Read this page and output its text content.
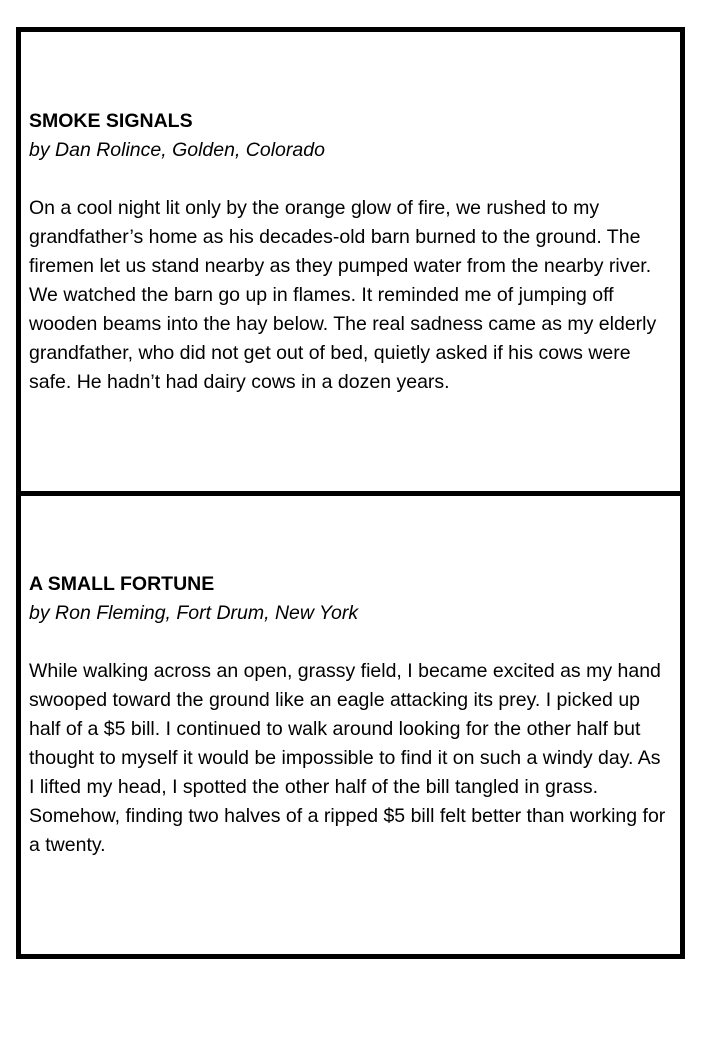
SMOKE SIGNALS
by Dan Rolince, Golden, Colorado

On a cool night lit only by the orange glow of fire, we rushed to my grandfather’s home as his decades-old barn burned to the ground. The firemen let us stand nearby as they pumped water from the nearby river. We watched the barn go up in flames. It reminded me of jumping off wooden beams into the hay below. The real sadness came as my elderly grandfather, who did not get out of bed, quietly asked if his cows were safe. He hadn’t had dairy cows in a dozen years.

A SMALL FORTUNE
by Ron Fleming, Fort Drum, New York

While walking across an open, grassy field, I became excited as my hand swooped toward the ground like an eagle attacking its prey. I picked up half of a $5 bill. I continued to walk around looking for the other half but thought to myself it would be impossible to find it on such a windy day. As I lifted my head, I spotted the other half of the bill tangled in grass.

Somehow, finding two halves of a ripped $5 bill felt better than working for a twenty.
